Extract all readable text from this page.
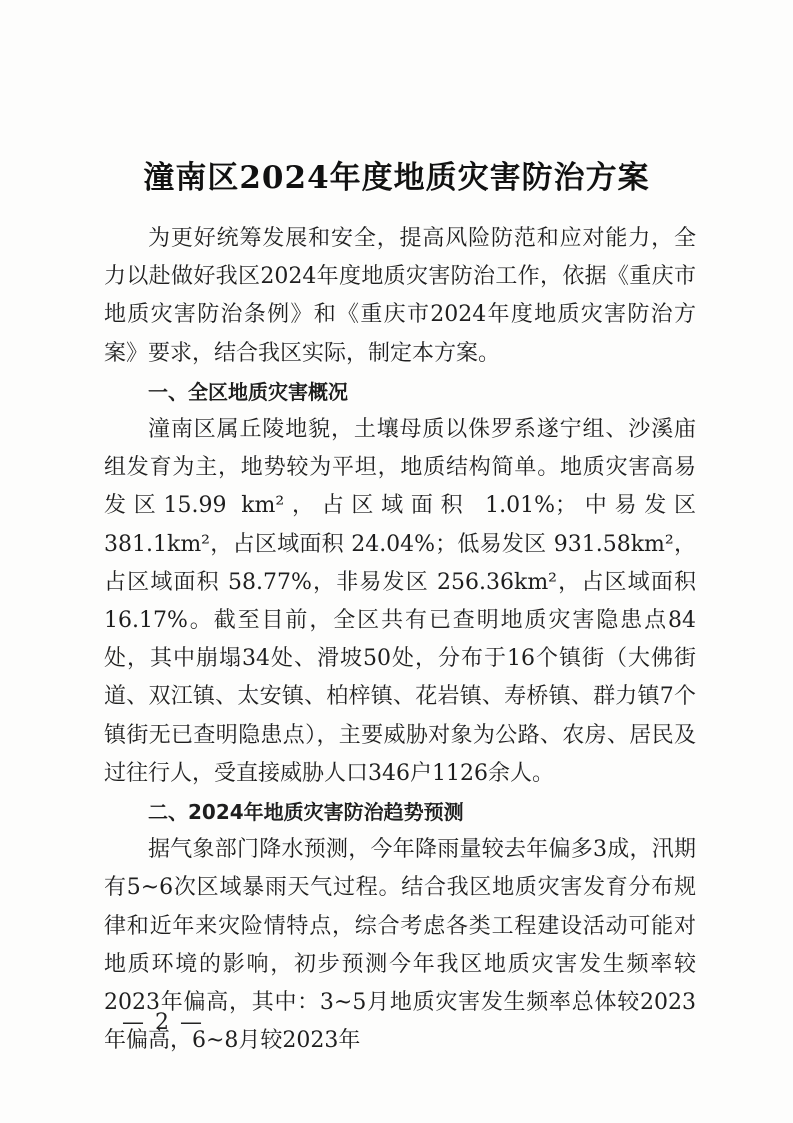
潼南区2024年度地质灾害防治方案

为更好统筹发展和安全，提高风险防范和应对能力，全力以赴做好我区2024年度地质灾害防治工作，依据《重庆市地质灾害防治条例》和《重庆市2024年度地质灾害防治方案》要求，结合我区实际，制定本方案。

一、全区地质灾害概况

潼南区属丘陵地貌，土壤母质以侏罗系遂宁组、沙溪庙组发育为主，地势较为平坦，地质结构简单。地质灾害高易发区15.99 km²，占区域面积 1.01%；中易发区 381.1km²，占区域面积 24.04%；低易发区 931.58km²，占区域面积 58.77%，非易发区 256.36km²，占区域面积 16.17%。截至目前，全区共有已查明地质灾害隐患点84处，其中崩塌34处、滑坡50处，分布于16个镇街（大佛街道、双江镇、太安镇、柏梓镇、花岩镇、寿桥镇、群力镇7个镇街无已查明隐患点），主要威胁对象为公路、农房、居民及过往行人，受直接威胁人口346户1126余人。

二、2024年地质灾害防治趋势预测

据气象部门降水预测，今年降雨量较去年偏多3成，汛期有5~6次区域暴雨天气过程。结合我区地质灾害发育分布规律和近年来灾险情特点，综合考虑各类工程建设活动可能对地质环境的影响，初步预测今年我区地质灾害发生频率较2023年偏高，其中：3~5月地质灾害发生频率总体较2023年偏高，6~8月较2023年

— 2 —
